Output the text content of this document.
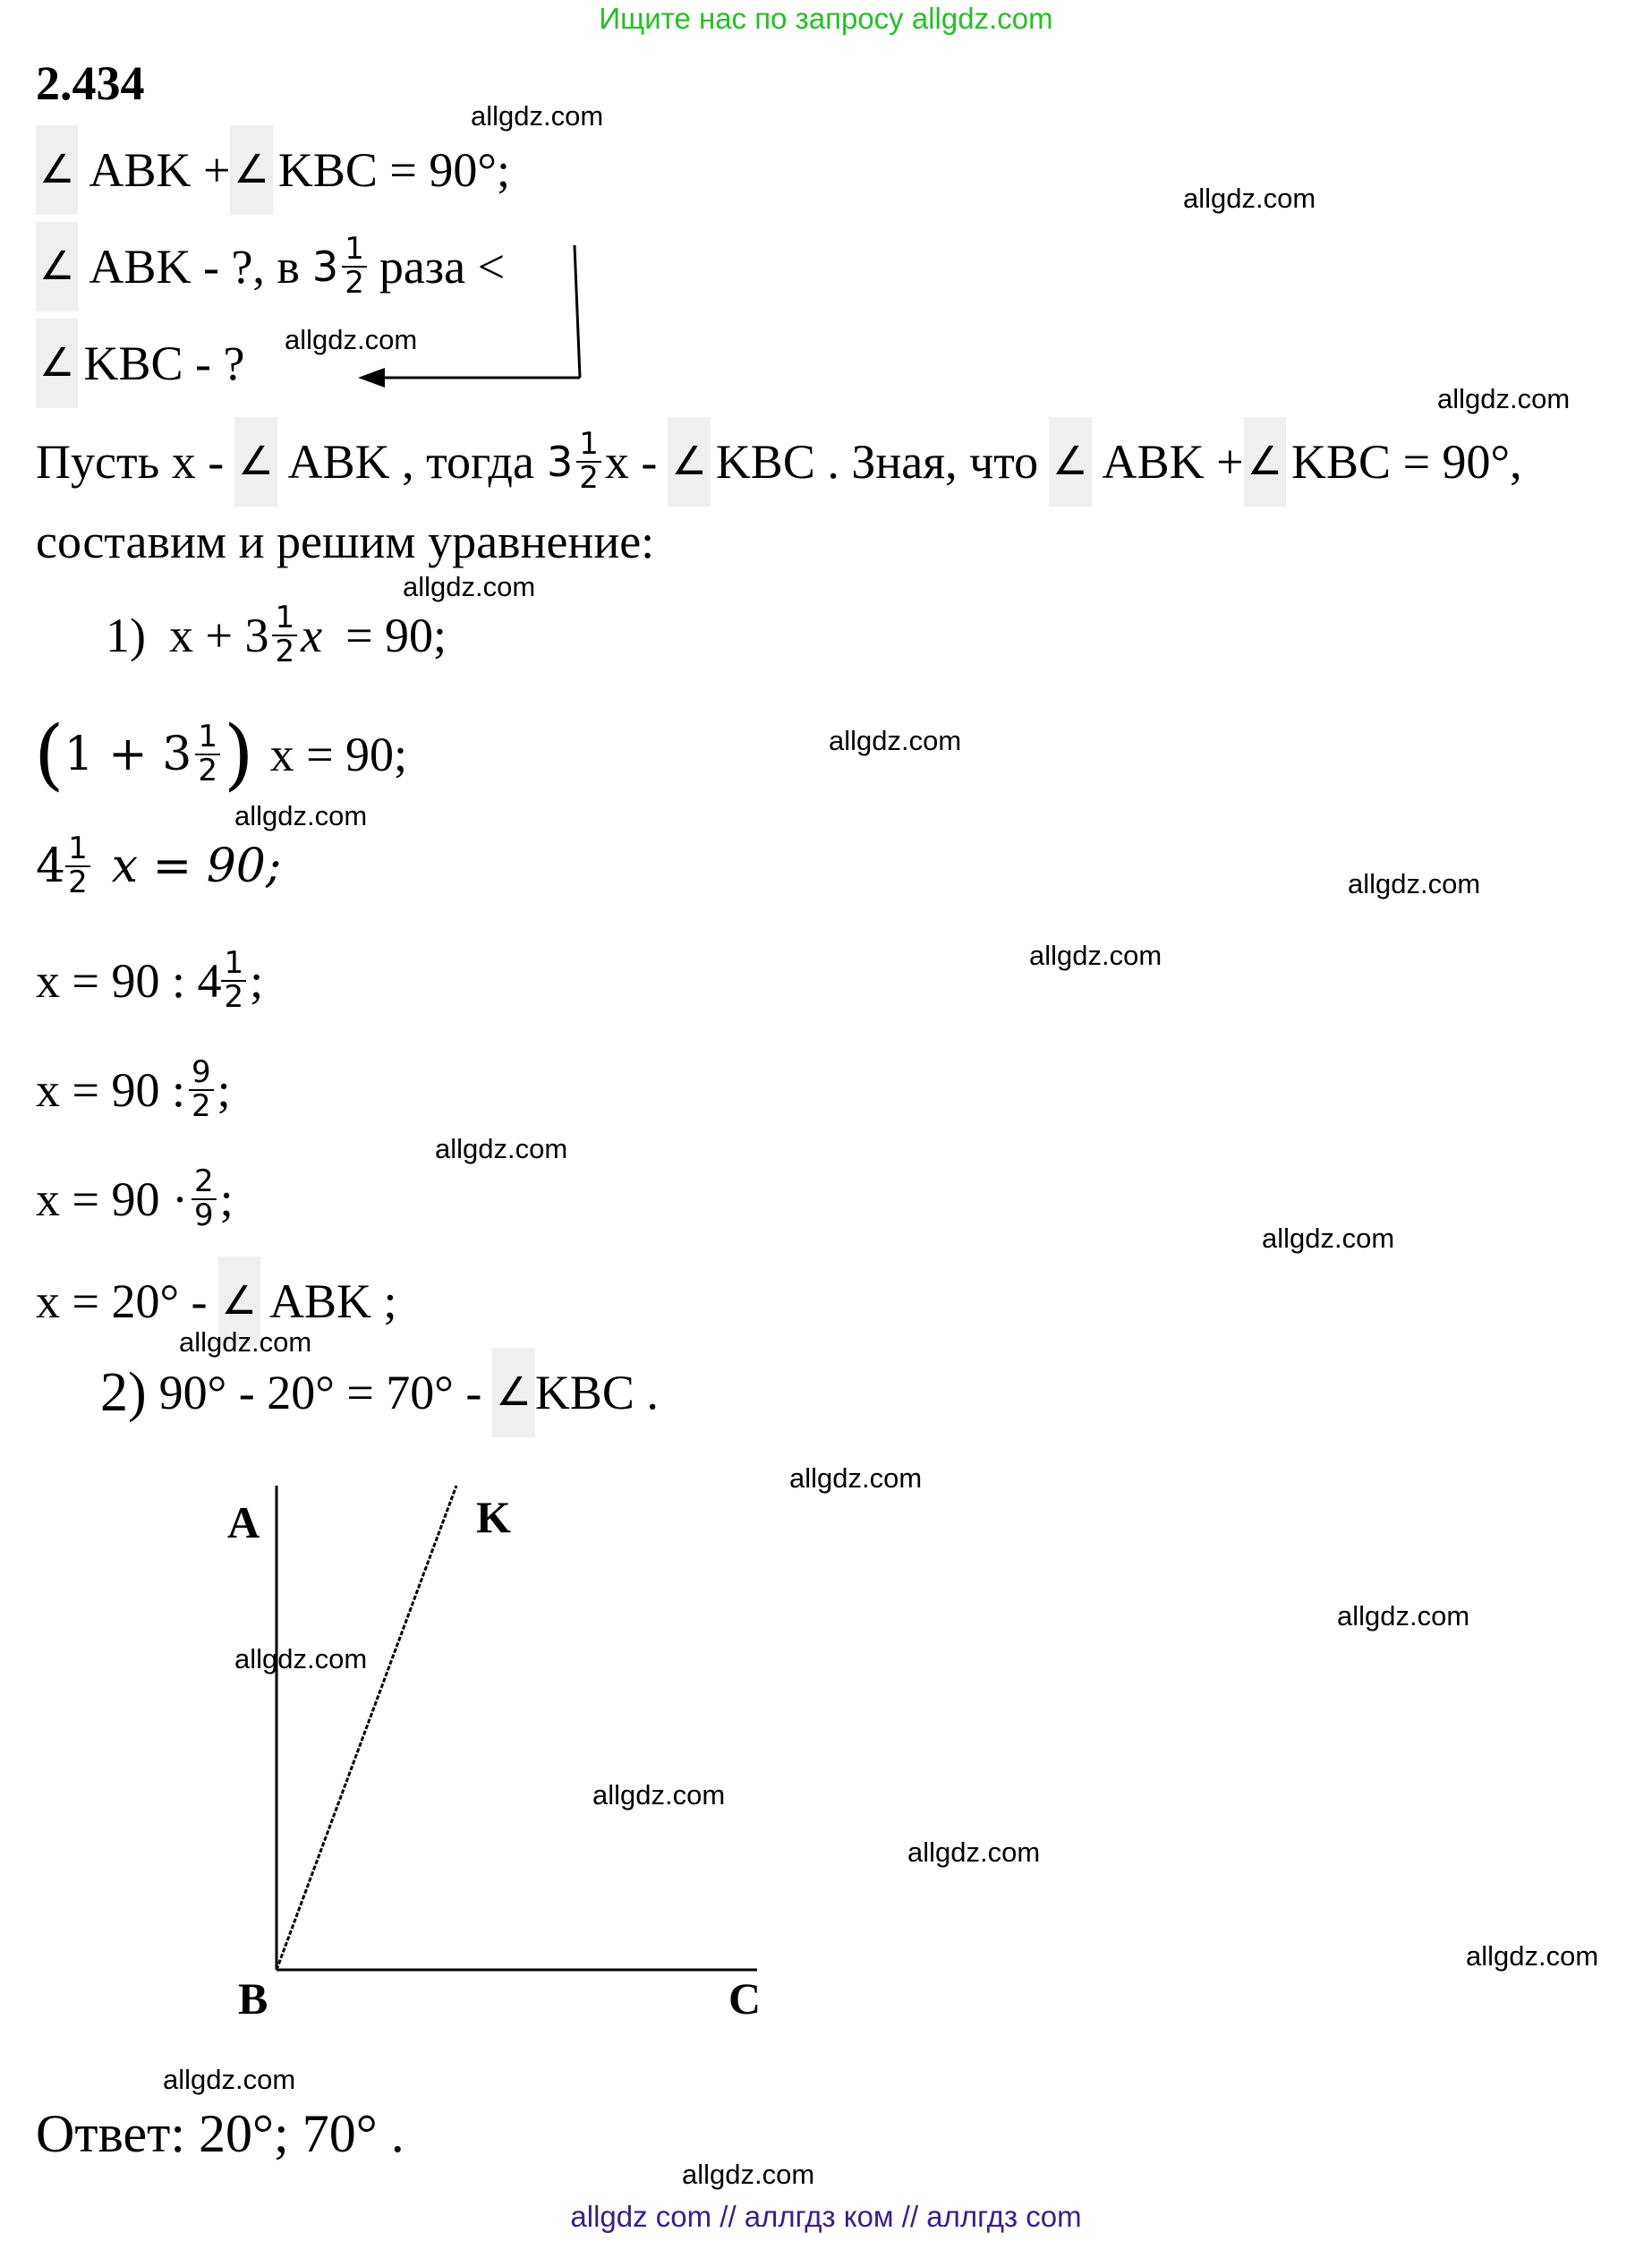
Ищите нас по запросу allgdz.com
2.434
∠ ABK + ∠ KBC = 90°;
∠ ABK - ?, в $3 \frac{1}{2}$ раза <
∠ KBC - ?
Пусть х - ∠ ABK , тогда $3 \frac{1}{2}$ х - ∠ KBC . Зная, что ∠ ABK + ∠ KBC = 90°,
составим и решим уравнение:
1) $x + 3 \frac{1}{2}$ x = 90;
( $1 + 3 \frac{1}{2}$ ) x = 90;
$4 \frac{1}{2}$ x = 90;
x = 90 : $4 \frac{1}{2}$ ;
x = 90 : $\frac{9}{2}$ ;
$x = 90 \cdot \frac{2}{9}$ ;
x = 20° - ∠ ABK ;
2) 90° - 20° = 70° - ∠ KBC .
A	K
B	C
Ответ: 20°; 70° .
allgdz.com
allgdz.com
allgdz.com
allgdz.com
allgdz.com
allgdz.com
allgdz.com
allgdz.com
allgdz.com
allgdz.com
allgdz.com
allgdz.com
allgdz.com
allgdz.com
allgdz.com
allgdz.com
allgdz.com
allgdz.com
allgdz.com
allgdz.com
allgdz com // аллгдз ком // аллгдз com
